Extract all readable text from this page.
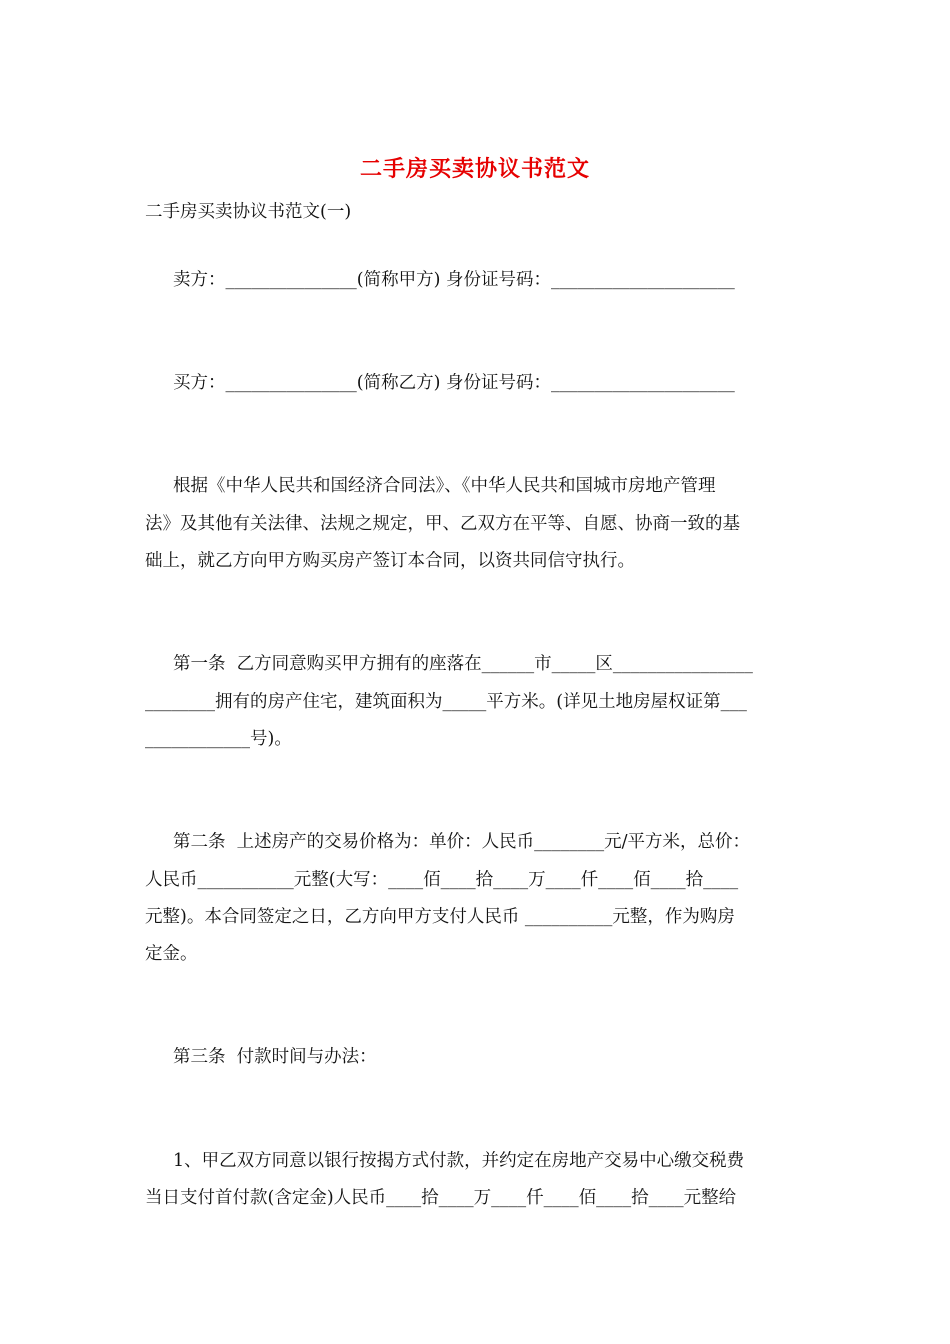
二手房买卖协议书范文

二手房买卖协议书范文(一)

卖方：_______________(简称甲方) 身份证号码：_____________________

买方：_______________(简称乙方) 身份证号码：_____________________

根据《中华人民共和国经济合同法》、《中华人民共和国城市房地产管理

法》及其他有关法律、法规之规定，甲、乙双方在平等、自愿、协商一致的基

础上，就乙方向甲方购买房产签订本合同，以资共同信守执行。

第一条  乙方同意购买甲方拥有的座落在______市_____区________________

________拥有的房产住宅，建筑面积为_____平方米。(详见土地房屋权证第___

____________号)。

第二条  上述房产的交易价格为：单价：人民币________元/平方米，总价：

人民币___________元整(大写：____佰____拾____万____仟____佰____拾____

元整)。本合同签定之日，乙方向甲方支付人民币 __________元整，作为购房

定金。

第三条  付款时间与办法：

1、甲乙双方同意以银行按揭方式付款，并约定在房地产交易中心缴交税费

当日支付首付款(含定金)人民币____拾____万____仟____佰____拾____元整给
